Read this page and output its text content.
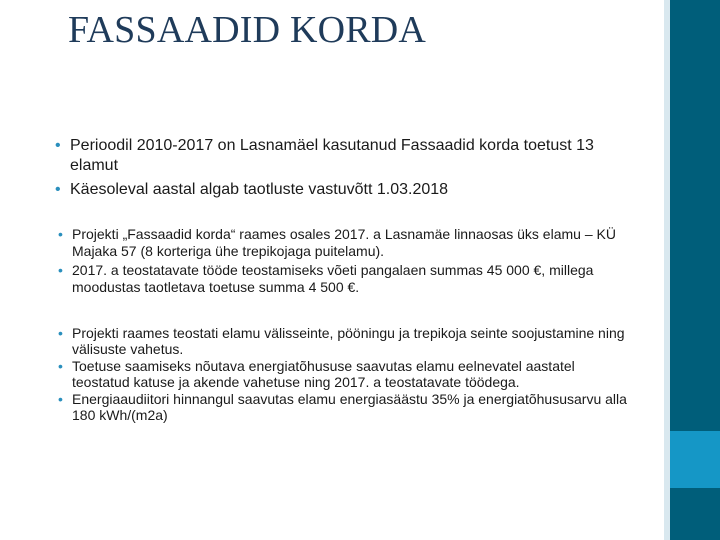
FASSAADID KORDA
• Perioodil 2010-2017 on Lasnamäel kasutanud Fassaadid korda toetust 13 elamut
• Käesoleval aastal algab taotluste vastuvõtt 1.03.2018
• Projekti „Fassaadid korda“ raames osales 2017. a Lasnamäe linnaosas üks elamu – KÜ Majaka 57 (8 korteriga ühe trepikojaga puitelamu).
• 2017. a teostatavate tööde teostamiseks võeti pangalaen summas 45 000 €, millega moodustas taotletava toetuse summa 4 500 €.
• Projekti raames teostati elamu välisseinte, pööningu ja trepikoja seinte soojustamine ning välisuste vahetus.
• Toetuse saamiseks nõutava energiatõhususe saavutas elamu eelnevatel aastatel teostatud katuse ja akende vahetuse ning 2017. a teostatavate töödega.
• Energiaaudiitori hinnangul saavutas elamu energiasäästu 35% ja energiatõhususarvu alla 180 kWh/(m2a)
